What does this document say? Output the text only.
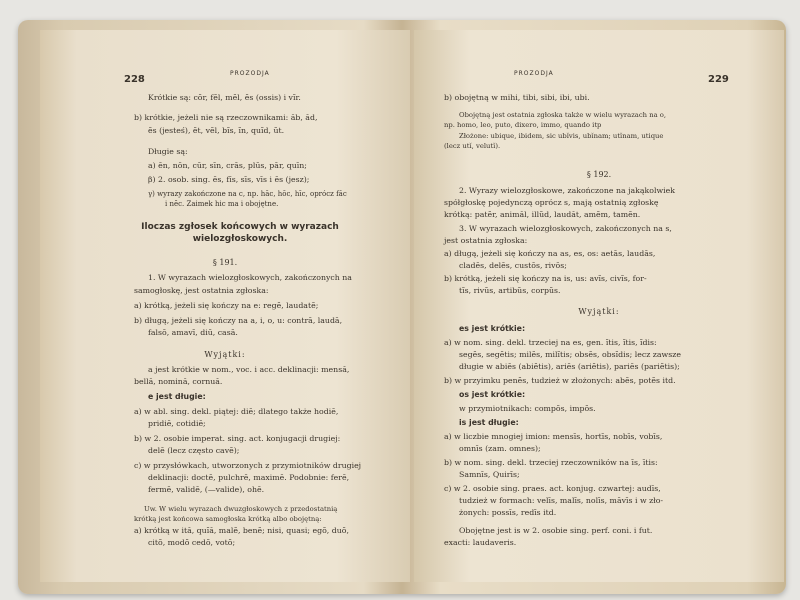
228
PROZODJA
Krótkie są: cŏr, fĕl, mĕl, ĕs (ossis) i vĭr.
b) krótkie, jeżeli nie są rzeczownikami: ăb, ăd,
ĕs (jesteś), ĕt, vĕl, bĭs, ĭn, quĭd, ŭt.
Długie są:
a) ēn, nōn, cūr, sīn, crās, plūs, pār, quīn;
β) 2. osob. sing. ēs, fīs, sīs, vīs i ēs (jesz);
γ) wyrazy zakończone na c, np. hāc, hōc, hīc, oprócz făc
i nĕc. Zaimek hic ma i obojętne.
Iloczas zgłosek końcowych w wyrazach
wielozgłoskowych.
§ 191.
1. W wyrazach wielozgłoskowych, zakończonych na
samogłoskę, jest ostatnia zgłoska:
a) krótką, jeżeli się kończy na e: regĕ, laudatĕ;
b) długą, jeżeli się kończy na a, i, o, u: contrā, laudā,
falsō, amavī, diū, casā.
Wyjątki:
a jest krótkie w nom., voc. i acc. deklinacji: mensă,
bellă, nomină, cornuă.
e jest długie:
a) w abl. sing. dekl. piątej: diē; dlatego także hodiē,
pridiē, cotidiē;
b) w 2. osobie imperat. sing. act. konjugacji drugiej:
delē (lecz często cavĕ);
c) w przysłówkach, utworzonych z przymiotników drugiej
deklinacji: doctē, pulchrē, maximē. Podobnie: ferē,
fermē, validē, (—valide), ohē.
Uw. W wielu wyrazach dwuzgłoskowych z przedostatnią
krótką jest końcowa samogłoska krótką albo obojętną:
a) krótką w ită, quĭă, malĕ, benĕ; nisi, quasi; egŏ, duŏ,
citŏ, modŏ cedŏ, votŏ;
PROZODJA
229
b) obojętną w mihi, tibi, sibi, ibi, ubi.
Obojętną jest ostatnia zgłoska także w wielu wyrazach na o,
np. homo, leo, puto, dixero, immo, quando itp
Złożone: ubique, ibidem, sic ubĭvis, ubĭnam; utĭnam, utique
(lecz utĭ, velutĭ).
§ 192.
2. Wyrazy wielozgłoskowe, zakończone na jakąkolwiek
spółgłoskę pojedynczą oprócz s, mają ostatnią zgłoskę
krótką: patĕr, animăl, illŭd, laudăt, amĕm, tamĕn.
3. W wyrazach wielozgłoskowych, zakończonych na s,
jest ostatnia zgłoska:
a) długą, jeżeli się kończy na as, es, os: aetās, laudās,
cladēs, delēs, custōs, rivōs;
b) krótką, jeżeli się kończy na is, us: avĭs, civĭs, for-
tĭs, rivŭs, artibŭs, corpŭs.
Wyjątki:
es jest krótkie:
a) w nom. sing. dekl. trzeciej na es, gen. ĭtis, ĭtis, ĭdis:
segĕs, segĕtis; milĕs, milĭtis; obsĕs, obsĭdis; lecz zawsze
długie w abiēs (abiĕtis), ariēs (ariĕtis), pariēs (pariĕtis);
b) w przyimku penĕs, tudzież w złożonych: abĕs, potĕs itd.
os jest krótkie:
w przymiotnikach: compŏs, impŏs.
is jest długie:
a) w liczbie mnogiej imion: mensīs, hortīs, nobīs, vobīs,
omnīs (zam. omnes);
b) w nom. sing. dekl. trzeciej rzeczowników na īs, ītis:
Samnīs, Quirīs;
c) w 2. osobie sing. praes. act. konjug. czwartej: audīs,
tudzież w formach: velīs, malīs, nolīs, māvīs i w zło-
żonych: possīs, redīs itd.
Obojętne jest is w 2. osobie sing. perf. coni. i fut.
exacti: laudaveris.
